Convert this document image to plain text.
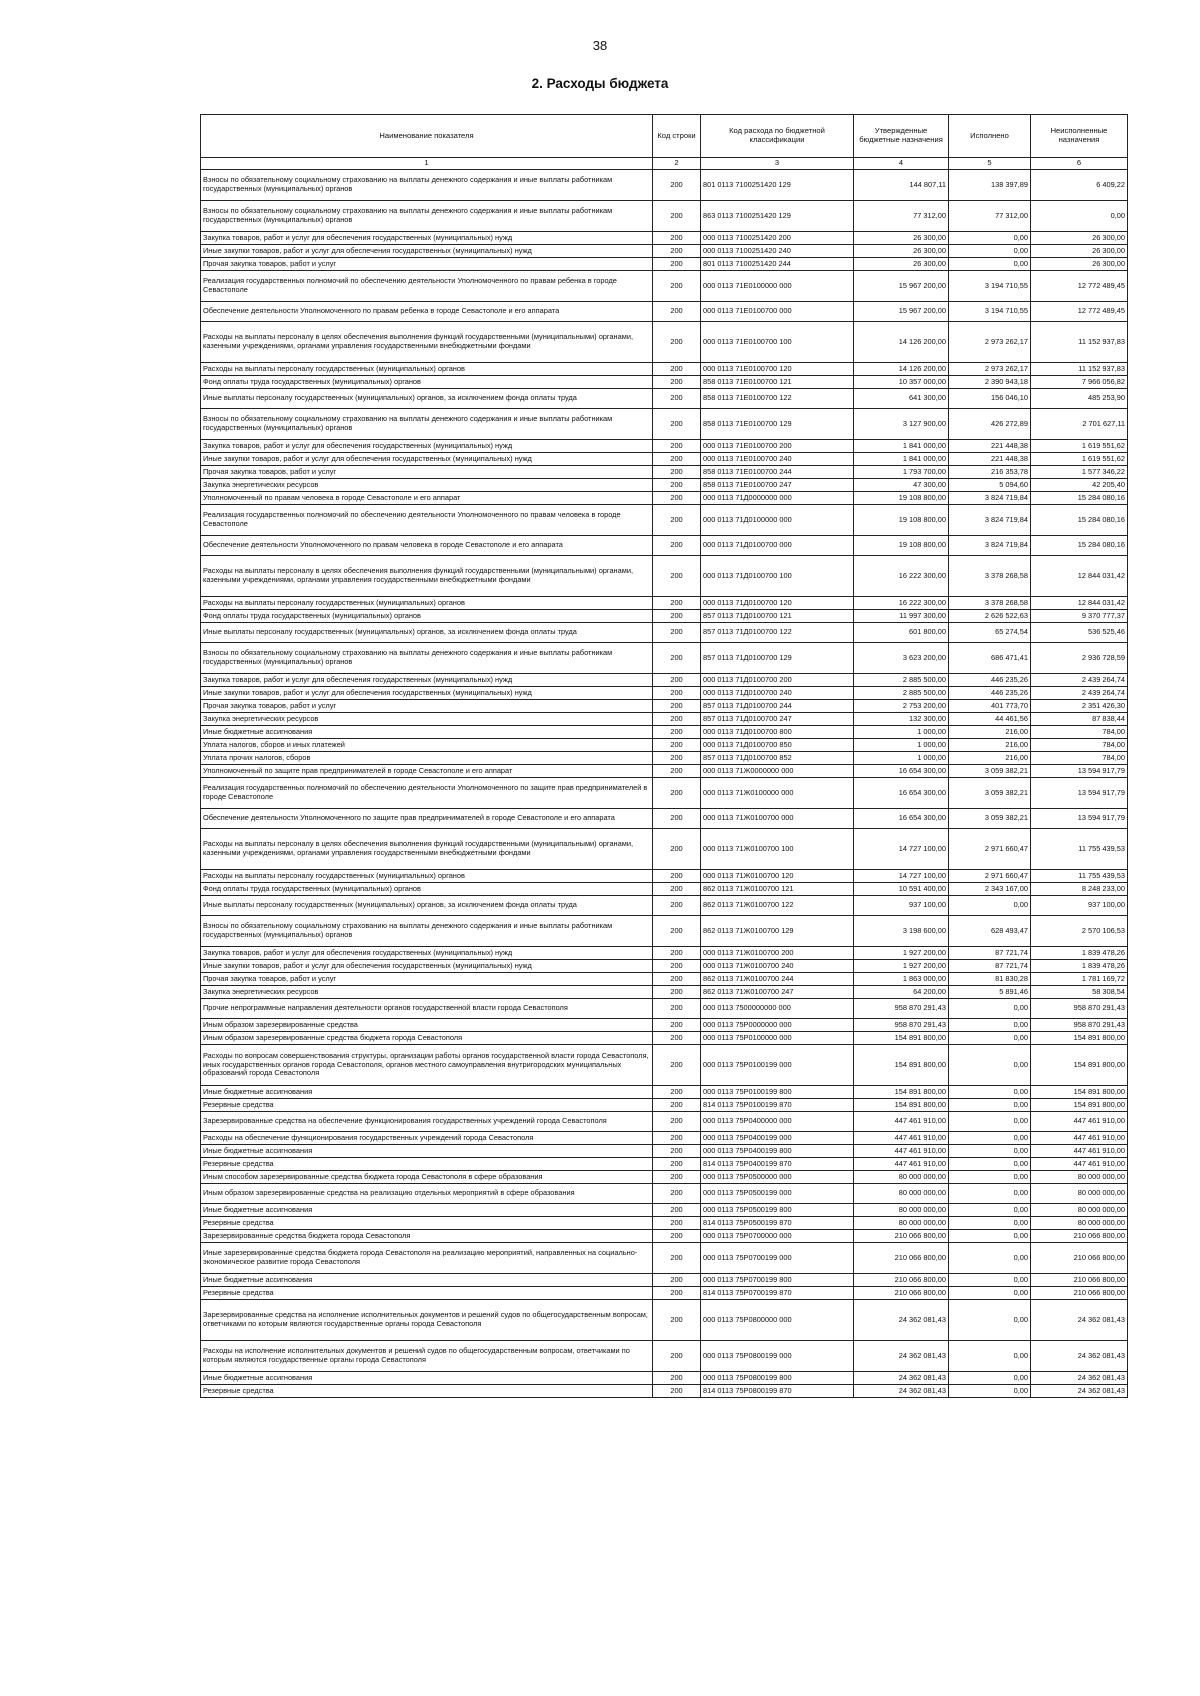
38
2. Расходы бюджета
Наименование показателя	Код строки	Код расхода по бюджетной классификации	Утвержденные бюджетные назначения	Исполнено	Неисполненные назначения
1	2	3	4	5	6
Взносы по обязательному социальному страхованию на выплаты денежного содержания и иные выплаты работникам государственных (муниципальных) органов	200	801 0113 7100251420 129	144 807,11	138 397,89	6 409,22
Взносы по обязательному социальному страхованию на выплаты денежного содержания и иные выплаты работникам государственных (муниципальных) органов	200	863 0113 7100251420 129	77 312,00	77 312,00	0,00
Закупка товаров, работ и услуг для обеспечения государственных (муниципальных) нужд	200	000 0113 7100251420 200	26 300,00	0,00	26 300,00
Иные закупки товаров, работ и услуг для обеспечения государственных (муниципальных) нужд	200	000 0113 7100251420 240	26 300,00	0,00	26 300,00
Прочая закупка товаров, работ и услуг	200	801 0113 7100251420 244	26 300,00	0,00	26 300,00
Реализация государственных полномочий по обеспечению деятельности Уполномоченного по правам ребенка в городе Севастополе	200	000 0113 71Е0100000 000	15 967 200,00	3 194 710,55	12 772 489,45
Обеспечение деятельности Уполномоченного по правам ребенка в городе Севастополе и его аппарата	200	000 0113 71Е0100700 000	15 967 200,00	3 194 710,55	12 772 489,45
Расходы на выплаты персоналу в целях обеспечения выполнения функций государственными (муниципальными) органами, казенными учреждениями, органами управления государственными внебюджетными фондами	200	000 0113 71Е0100700 100	14 126 200,00	2 973 262,17	11 152 937,83
Расходы на выплаты персоналу государственных (муниципальных) органов	200	000 0113 71Е0100700 120	14 126 200,00	2 973 262,17	11 152 937,83
Фонд оплаты труда государственных (муниципальных) органов	200	858 0113 71Е0100700 121	10 357 000,00	2 390 943,18	7 966 056,82
Иные выплаты персоналу государственных (муниципальных) органов, за исключением фонда оплаты труда	200	858 0113 71Е0100700 122	641 300,00	156 046,10	485 253,90
Взносы по обязательному социальному страхованию на выплаты денежного содержания и иные выплаты работникам государственных (муниципальных) органов	200	858 0113 71Е0100700 129	3 127 900,00	426 272,89	2 701 627,11
Закупка товаров, работ и услуг для обеспечения государственных (муниципальных) нужд	200	000 0113 71Е0100700 200	1 841 000,00	221 448,38	1 619 551,62
Иные закупки товаров, работ и услуг для обеспечения государственных (муниципальных) нужд	200	000 0113 71Е0100700 240	1 841 000,00	221 448,38	1 619 551,62
Прочая закупка товаров, работ и услуг	200	858 0113 71Е0100700 244	1 793 700,00	216 353,78	1 577 346,22
Закупка энергетических ресурсов	200	858 0113 71Е0100700 247	47 300,00	5 094,60	42 205,40
Уполномоченный по правам человека в городе Севастополе и его аппарат	200	000 0113 71Д0000000 000	19 108 800,00	3 824 719,84	15 284 080,16
Реализация государственных полномочий по обеспечению деятельности Уполномоченного по правам человека в городе Севастополе	200	000 0113 71Д0100000 000	19 108 800,00	3 824 719,84	15 284 080,16
Обеспечение деятельности Уполномоченного по правам человека в городе Севастополе и его аппарата	200	000 0113 71Д0100700 000	19 108 800,00	3 824 719,84	15 284 080,16
Расходы на выплаты персоналу в целях обеспечения выполнения функций государственными (муниципальными) органами, казенными учреждениями, органами управления государственными внебюджетными фондами	200	000 0113 71Д0100700 100	16 222 300,00	3 378 268,58	12 844 031,42
Расходы на выплаты персоналу государственных (муниципальных) органов	200	000 0113 71Д0100700 120	16 222 300,00	3 378 268,58	12 844 031,42
Фонд оплаты труда государственных (муниципальных) органов	200	857 0113 71Д0100700 121	11 997 300,00	2 626 522,63	9 370 777,37
Иные выплаты персоналу государственных (муниципальных) органов, за исключением фонда оплаты труда	200	857 0113 71Д0100700 122	601 800,00	65 274,54	536 525,46
Взносы по обязательному социальному страхованию на выплаты денежного содержания и иные выплаты работникам государственных (муниципальных) органов	200	857 0113 71Д0100700 129	3 623 200,00	686 471,41	2 936 728,59
Закупка товаров, работ и услуг для обеспечения государственных (муниципальных) нужд	200	000 0113 71Д0100700 200	2 885 500,00	446 235,26	2 439 264,74
Иные закупки товаров, работ и услуг для обеспечения государственных (муниципальных) нужд	200	000 0113 71Д0100700 240	2 885 500,00	446 235,26	2 439 264,74
Прочая закупка товаров, работ и услуг	200	857 0113 71Д0100700 244	2 753 200,00	401 773,70	2 351 426,30
Закупка энергетических ресурсов	200	857 0113 71Д0100700 247	132 300,00	44 461,56	87 838,44
Иные бюджетные ассигнования	200	000 0113 71Д0100700 800	1 000,00	216,00	784,00
Уплата налогов, сборов и иных платежей	200	000 0113 71Д0100700 850	1 000,00	216,00	784,00
Уплата прочих налогов, сборов	200	857 0113 71Д0100700 852	1 000,00	216,00	784,00
Уполномоченный по защите прав предпринимателей в городе Севастополе и его аппарат	200	000 0113 71Ж0000000 000	16 654 300,00	3 059 382,21	13 594 917,79
Реализация государственных полномочий по обеспечению деятельности Уполномоченного по защите прав предпринимателей в городе Севастополе	200	000 0113 71Ж0100000 000	16 654 300,00	3 059 382,21	13 594 917,79
Обеспечение деятельности Уполномоченного по защите прав предпринимателей в городе Севастополе и его аппарата	200	000 0113 71Ж0100700 000	16 654 300,00	3 059 382,21	13 594 917,79
Расходы на выплаты персоналу в целях обеспечения выполнения функций государственными (муниципальными) органами, казенными учреждениями, органами управления государственными внебюджетными фондами	200	000 0113 71Ж0100700 100	14 727 100,00	2 971 660,47	11 755 439,53
Расходы на выплаты персоналу государственных (муниципальных) органов	200	000 0113 71Ж0100700 120	14 727 100,00	2 971 660,47	11 755 439,53
Фонд оплаты труда государственных (муниципальных) органов	200	862 0113 71Ж0100700 121	10 591 400,00	2 343 167,00	8 248 233,00
Иные выплаты персоналу государственных (муниципальных) органов, за исключением фонда оплаты труда	200	862 0113 71Ж0100700 122	937 100,00	0,00	937 100,00
Взносы по обязательному социальному страхованию на выплаты денежного содержания и иные выплаты работникам государственных (муниципальных) органов	200	862 0113 71Ж0100700 129	3 198 600,00	628 493,47	2 570 106,53
Закупка товаров, работ и услуг для обеспечения государственных (муниципальных) нужд	200	000 0113 71Ж0100700 200	1 927 200,00	87 721,74	1 839 478,26
Иные закупки товаров, работ и услуг для обеспечения государственных (муниципальных) нужд	200	000 0113 71Ж0100700 240	1 927 200,00	87 721,74	1 839 478,26
Прочая закупка товаров, работ и услуг	200	862 0113 71Ж0100700 244	1 863 000,00	81 830,28	1 781 169,72
Закупка энергетических ресурсов	200	862 0113 71Ж0100700 247	64 200,00	5 891,46	58 308,54
Прочие непрограммные направления деятельности органов государственной власти города Севастополя	200	000 0113 7500000000 000	958 870 291,43	0,00	958 870 291,43
Иным образом зарезервированные средства	200	000 0113 75Р0000000 000	958 870 291,43	0,00	958 870 291,43
Иным образом зарезервированные средства бюджета города Севастополя	200	000 0113 75Р0100000 000	154 891 800,00	0,00	154 891 800,00
Расходы по вопросам совершенствования структуры, организации работы органов государственной власти города Севастополя, иных государственных органов города Севастополя, органов местного самоуправления внутригородских муниципальных образований города Севастополя	200	000 0113 75Р0100199 000	154 891 800,00	0,00	154 891 800,00
Иные бюджетные ассигнования	200	000 0113 75Р0100199 800	154 891 800,00	0,00	154 891 800,00
Резервные средства	200	814 0113 75Р0100199 870	154 891 800,00	0,00	154 891 800,00
Зарезервированные средства на обеспечение функционирования государственных учреждений города Севастополя	200	000 0113 75Р0400000 000	447 461 910,00	0,00	447 461 910,00
Расходы на обеспечение функционирования государственных учреждений города Севастополя	200	000 0113 75Р0400199 000	447 461 910,00	0,00	447 461 910,00
Иные бюджетные ассигнования	200	000 0113 75Р0400199 800	447 461 910,00	0,00	447 461 910,00
Резервные средства	200	814 0113 75Р0400199 870	447 461 910,00	0,00	447 461 910,00
Иным способом зарезервированные средства бюджета города Севастополя в сфере образования	200	000 0113 75Р0500000 000	80 000 000,00	0,00	80 000 000,00
Иным образом зарезервированные средства на реализацию отдельных мероприятий в сфере образования	200	000 0113 75Р0500199 000	80 000 000,00	0,00	80 000 000,00
Иные бюджетные ассигнования	200	000 0113 75Р0500199 800	80 000 000,00	0,00	80 000 000,00
Резервные средства	200	814 0113 75Р0500199 870	80 000 000,00	0,00	80 000 000,00
Зарезервированные средства бюджета города Севастополя	200	000 0113 75Р0700000 000	210 066 800,00	0,00	210 066 800,00
Иные зарезервированные средства бюджета города Севастополя на реализацию мероприятий, направленных на социально-экономическое развитие города Севастополя	200	000 0113 75Р0700199 000	210 066 800,00	0,00	210 066 800,00
Иные бюджетные ассигнования	200	000 0113 75Р0700199 800	210 066 800,00	0,00	210 066 800,00
Резервные средства	200	814 0113 75Р0700199 870	210 066 800,00	0,00	210 066 800,00
Зарезервированные средства на исполнение исполнительных документов и решений судов по общегосударственным вопросам, ответчиками по которым являются государственные органы города Севастополя	200	000 0113 75Р0800000 000	24 362 081,43	0,00	24 362 081,43
Расходы на исполнение исполнительных документов и решений судов по общегосударственным вопросам, ответчиками по которым являются государственные органы города Севастополя	200	000 0113 75Р0800199 000	24 362 081,43	0,00	24 362 081,43
Иные бюджетные ассигнования	200	000 0113 75Р0800199 800	24 362 081,43	0,00	24 362 081,43
Резервные средства	200	814 0113 75Р0800199 870	24 362 081,43	0,00	24 362 081,43
